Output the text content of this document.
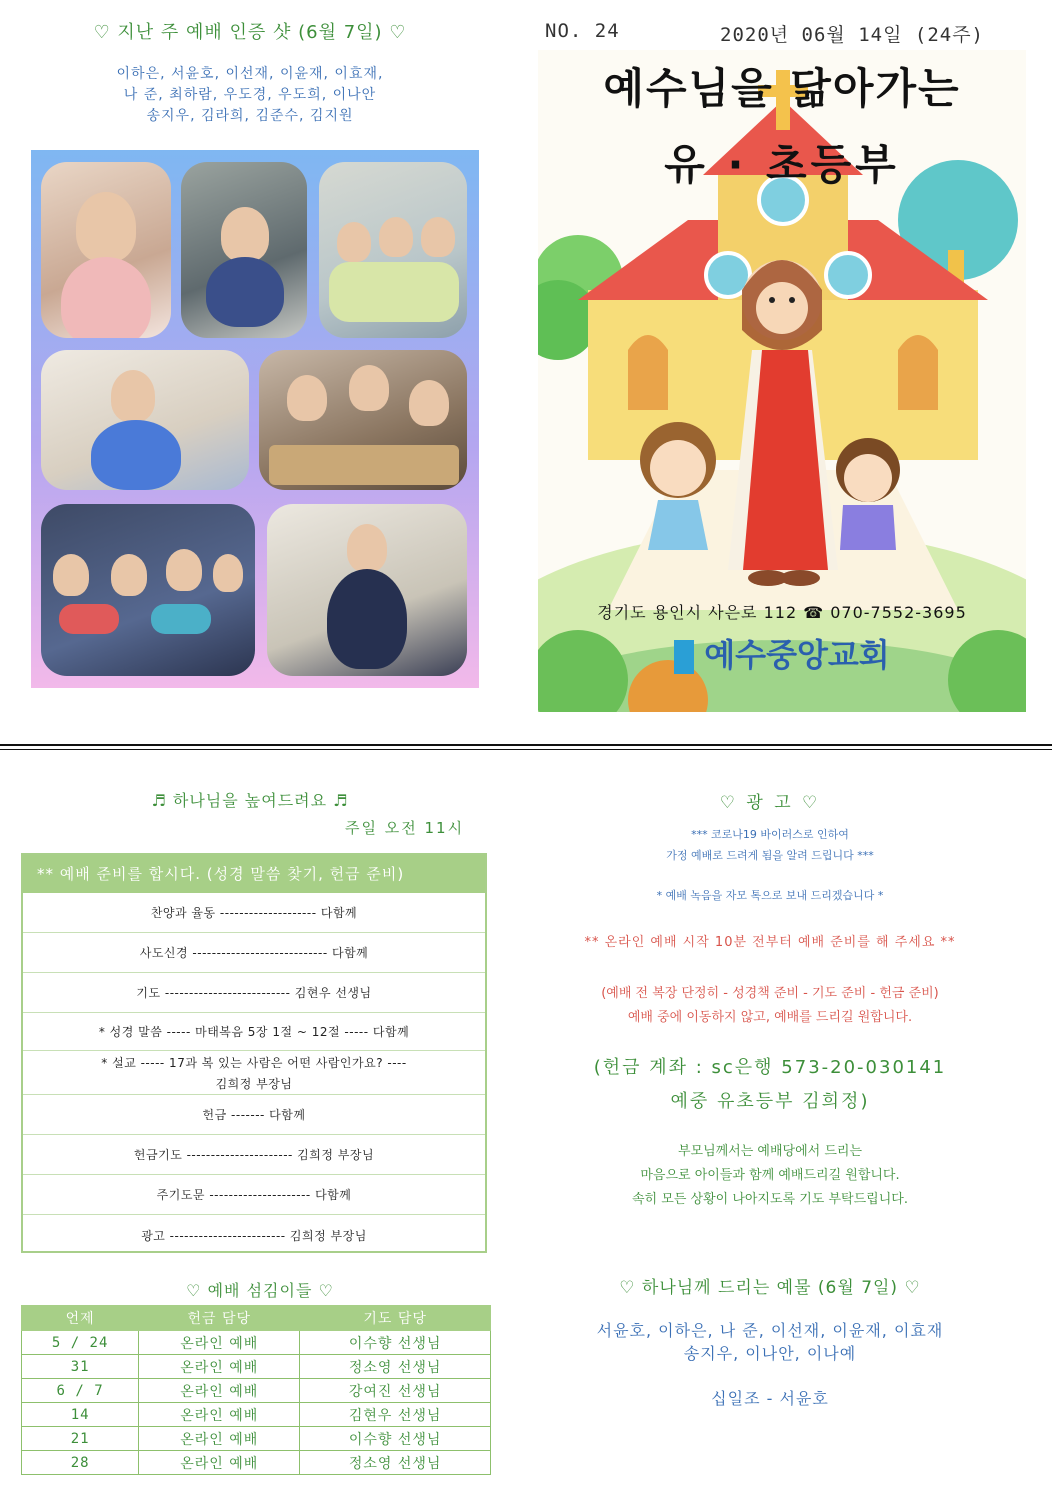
♡ 지난 주 예배 인증 샷 (6월 7일) ♡
이하은, 서윤호, 이선재, 이윤재, 이효재,
나 준, 최하람, 우도경, 우도희, 이나안
송지우, 김라희, 김준수, 김지원
NO. 24	2020년 06월 14일 (24주)
예수님을 닮아가는
유 · 초등부
경기도 용인시 사은로 112 ☎ 070-7552-3695
예수중앙교회
♬ 하나님을 높여드려요 ♬
주일 오전 11시
** 예배 준비를 합시다. (성경 말씀 찾기, 헌금 준비)
찬양과 율동 -------------------- 다함께
사도신경 ---------------------------- 다함께
기도 -------------------------- 김현우 선생님
* 성경 말씀 ----- 마태복음 5장 1절 ~ 12절 ----- 다함께
* 설교 ----- 17과 복 있는 사람은 어떤 사람인가요? ----
김희정 부장님
헌금 ------- 다함께
헌금기도 ---------------------- 김희정 부장님
주기도문 --------------------- 다함께
광고 ------------------------ 김희정 부장님
♡ 예배 섬김이들 ♡
언제	헌금 담당	기도 담당
5 / 24	온라인 예배	이수향 선생님
31	온라인 예배	정소영 선생님
6 / 7	온라인 예배	강여진 선생님
14	온라인 예배	김현우 선생님
21	온라인 예배	이수향 선생님
28	온라인 예배	정소영 선생님
♡ 광 고 ♡
*** 코로나19 바이러스로 인하여
가정 예배로 드려게 됨을 알려 드립니다 ***
* 예배 녹음을 자모 톡으로 보내 드리겠습니다 *
** 온라인 예배 시작 10분 전부터 예배 준비를 해 주세요 **
(예배 전 복장 단정히 - 성경책 준비 - 기도 준비 - 헌금 준비)
예배 중에 이동하지 않고, 예배를 드리길 원합니다.
(헌금 계좌 : sc은행 573-20-030141
예중 유초등부 김희정)
부모님께서는 예배당에서 드리는
마음으로 아이들과 함께 예배드리길 원합니다.
속히 모든 상황이 나아지도록 기도 부탁드립니다.
♡ 하나님께 드리는 예물 (6월 7일) ♡
서윤호, 이하은, 나 준, 이선재, 이윤재, 이효재
송지우, 이나안, 이나예
십일조 - 서윤호
